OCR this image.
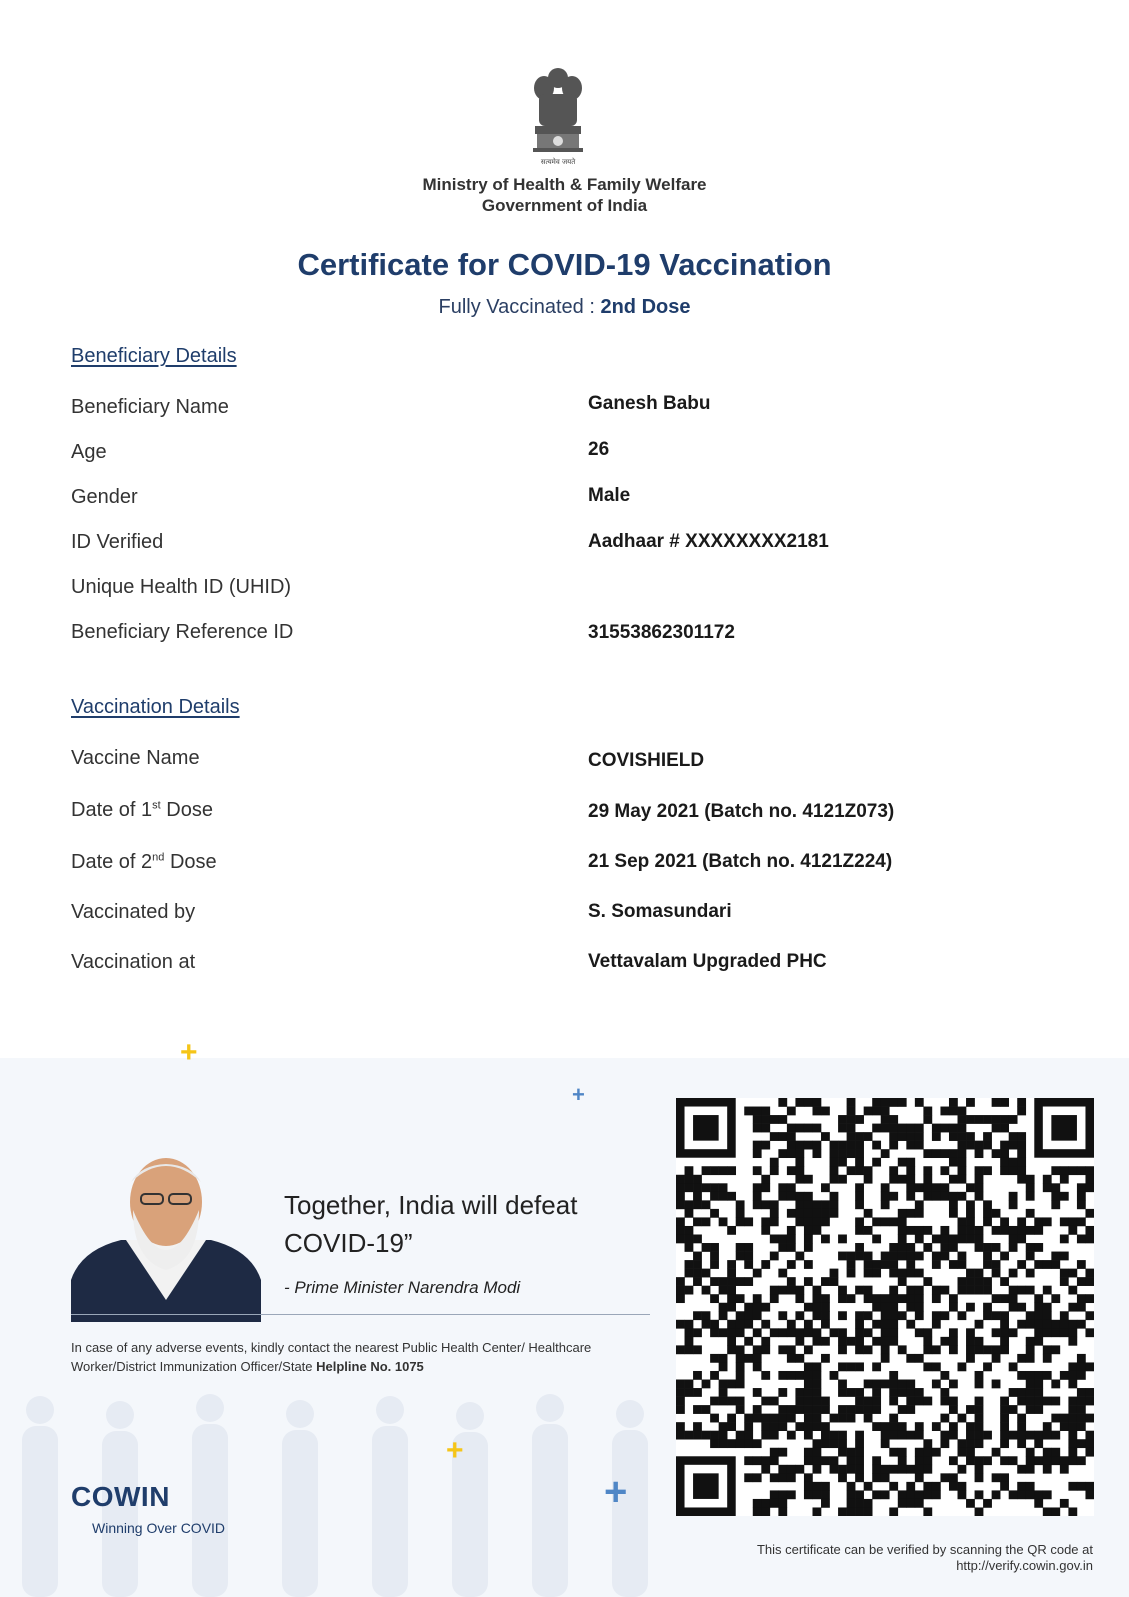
सत्यमेव जयते
Ministry of Health & Family Welfare
Government of India
Certificate for COVID-19 Vaccination
Fully Vaccinated : 2nd Dose
Beneficiary Details
Beneficiary Name	Ganesh Babu
Age	26
Gender	Male
ID Verified	Aadhaar # XXXXXXXX2181
Unique Health ID (UHID)
Beneficiary Reference ID	31553862301172
Vaccination Details
Vaccine Name	COVISHIELD
Date of 1st Dose	29 May 2021 (Batch no. 4121Z073)
Date of 2nd Dose	21 Sep 2021 (Batch no. 4121Z224)
Vaccinated by	S. Somasundari
Vaccination at	Vettavalam Upgraded PHC
+
+
+
+
Together, India will defeat
COVID-19”
- Prime Minister Narendra Modi
In case of any adverse events, kindly contact the nearest Public Health Center/ Healthcare Worker/District Immunization Officer/State Helpline No. 1075
This certificate can be verified by scanning the QR code at
http://verify.cowin.gov.in
COWIN
Winning Over COVID
